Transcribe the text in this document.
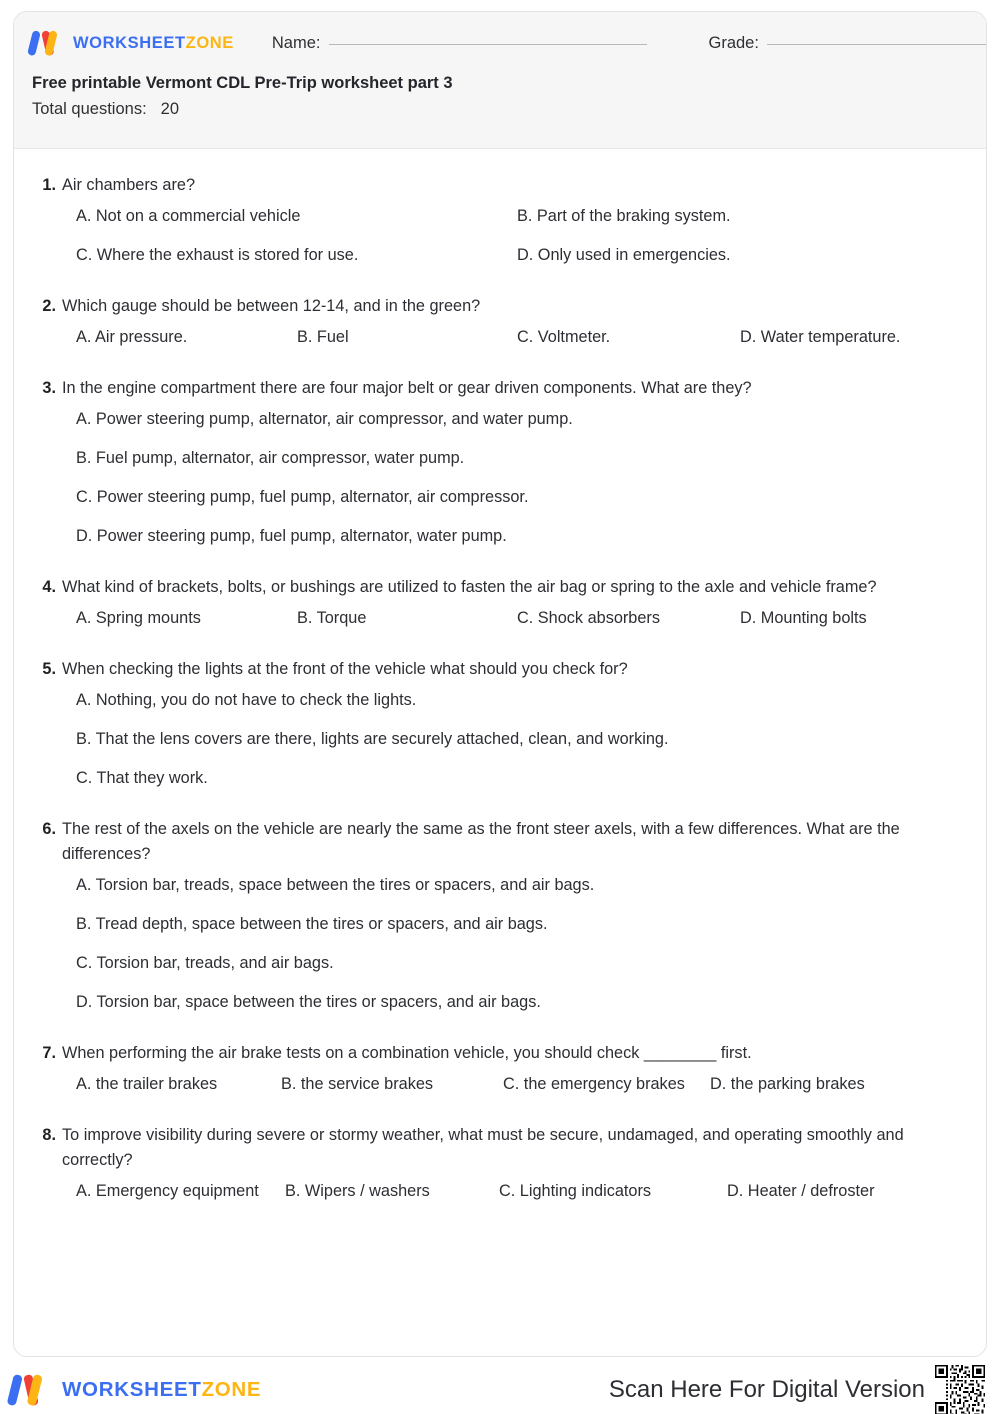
WORKSHEETZONE Name:	Grade:
Free printable Vermont CDL Pre-Trip worksheet part 3
Total questions: 20
1. Air chambers are?
A. Not on a commercial vehicle	B. Part of the braking system.
C. Where the exhaust is stored for use.	D. Only used in emergencies.
2. Which gauge should be between 12-14, and in the green?
A. Air pressure.	B. Fuel	C. Voltmeter.	D. Water temperature.
3. In the engine compartment there are four major belt or gear driven components. What are they?
A. Power steering pump, alternator, air compressor, and water pump.
B. Fuel pump, alternator, air compressor, water pump.
C. Power steering pump, fuel pump, alternator, air compressor.
D. Power steering pump, fuel pump, alternator, water pump.
4. What kind of brackets, bolts, or bushings are utilized to fasten the air bag or spring to the axle and vehicle frame?
A. Spring mounts	B. Torque	C. Shock absorbers	D. Mounting bolts
5. When checking the lights at the front of the vehicle what should you check for?
A. Nothing, you do not have to check the lights.
B. That the lens covers are there, lights are securely attached, clean, and working.
C. That they work.
6. The rest of the axels on the vehicle are nearly the same as the front steer axels, with a few differences. What are the differences?
A. Torsion bar, treads, space between the tires or spacers, and air bags.
B. Tread depth, space between the tires or spacers, and air bags.
C. Torsion bar, treads, and air bags.
D. Torsion bar, space between the tires or spacers, and air bags.
7. When performing the air brake tests on a combination vehicle, you should check ________ first.
A. the trailer brakes	B. the service brakes	C. the emergency brakes	D. the parking brakes
8. To improve visibility during severe or stormy weather, what must be secure, undamaged, and operating smoothly and correctly?
A. Emergency equipment	B. Wipers / washers	C. Lighting indicators	D. Heater / defroster
WORKSHEETZONE	Scan Here For Digital Version
